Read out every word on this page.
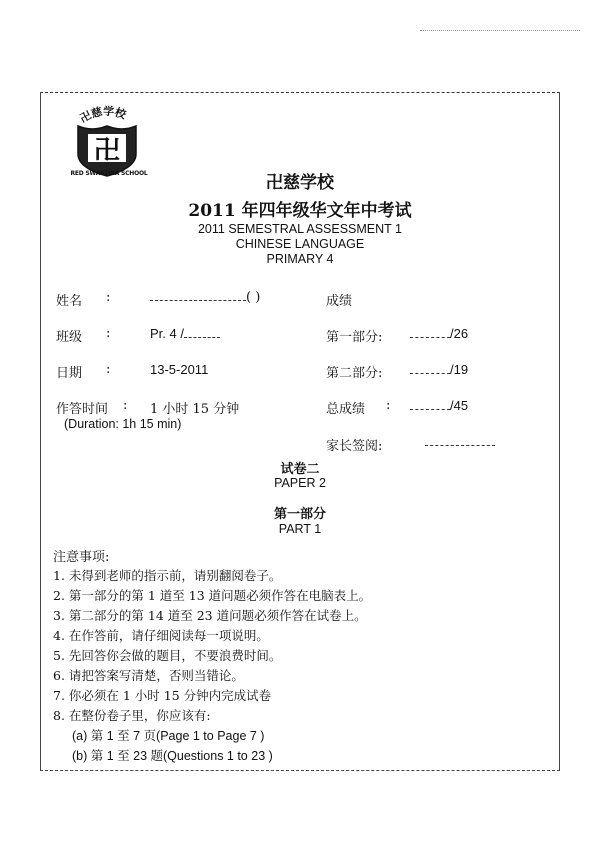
卍慈学校
卍
RED SWASTIKA SCHOOL	卍慈学校
2011 年四年级华文年中考试
2011 SEMESTRAL ASSESSMENT 1
CHINESE LANGUAGE
PRIMARY 4
姓名 :	( )	成绩
班级 :	Pr. 4 /	第一部分:	/26
日期 :	13-5-2011	第二部分:	/19
作答时间 : 1 小时 15 分钟	总成绩 :	/45
(Duration: 1h 15 min)
家长签阅:
试卷二
PAPER 2
第一部分
PART 1
注意事项:
1. 未得到老师的指示前，请别翻阅卷子。
2. 第一部分的第 1 道至 13 道问题必须作答在电脑表上。
3. 第二部分的第 14 道至 23 道问题必须作答在试卷上。
4. 在作答前，请仔细阅读每一项说明。
5. 先回答你会做的题目，不要浪费时间。
6. 请把答案写清楚，否则当错论。
7. 你必须在 1 小时 15 分钟内完成试卷
8. 在整份卷子里，你应该有:
(a) 第 1 至 7 页(Page 1 to Page 7 )
(b) 第 1 至 23 题(Questions 1 to 23 )
